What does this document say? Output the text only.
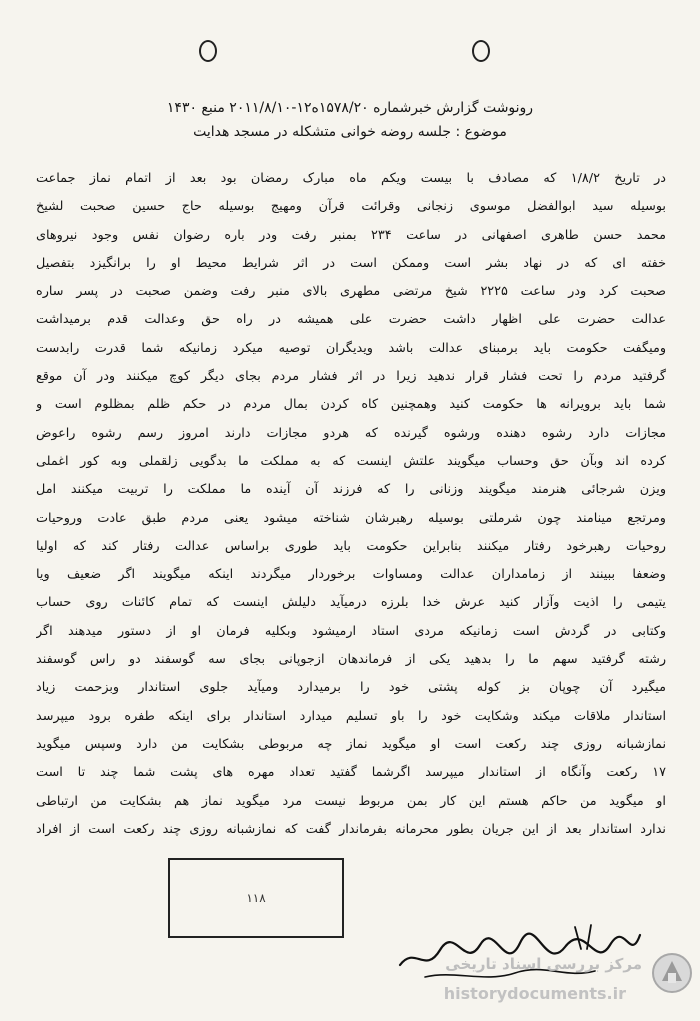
رونوشت گزارش خبرشماره ۱۵۷۸/۲۰ه۱۲-۲۰۱۱/۸/۱۰ منبع ۱۴۳۰
موضوع : جلسه روضه خوانی متشکله در مسجد هدایت
در تاریخ ۱/۸/۲ که مصادف با بیست ویکم ماه مبارک رمضان بود بعد از اتمام نماز جماعت
بوسیله سید ابوالفضل موسوی زنجانی وقرائت قرآن ومهیج بوسیله حاج حسین صحبت لشیخ
محمد حسن طاهری اصفهانی در ساعت ۲۳۴ بمنبر رفت ودر باره رضوان نفس وجود نیروهای
خفته ای که در نهاد بشر است وممکن است در اثر شرایط محیط او را برانگیزد بتفصیل
صحبت کرد ودر ساعت ۲۲۲۵ شیخ مرتضی مطهری بالای منبر رفت وضمن صحبت در پسر ساره
عدالت حضرت علی اظهار داشت حضرت علی همیشه در راه حق وعدالت قدم برمیداشت
ومیگفت حکومت باید برمبنای عدالت باشد ویدیگران توصیه میکرد زمانیکه شما قدرت رابدست
گرفتید مردم را تحت فشار قرار ندهید زیرا در اثر فشار مردم بجای دیگر کوچ میکنند ودر آن موقع
شما باید برویرانه ها حکومت کنید وهمچنین کاه کردن بمال مردم در حکم ظلم بمظلوم است و
مجازات دارد رشوه دهنده ورشوه گیرنده که هردو مجازات دارند امروز رسم رشوه راعوض
کرده اند وبآن حق وحساب میگویند علتش اینست که به مملکت ما بدگویی زلقملی وبه کور اغملی
ویزن شرجائی هنرمند میگویند وزنانی را که فرزند آن آینده ما مملکت را تربیت میکنند امل
ومرتجع مینامند چون شرملتی بوسیله رهبرشان شناخته میشود یعنی مردم طبق عادت وروحیات
روحیات رهبرخود رفتار میکنند بنابراین حکومت باید طوری براساس عدالت رفتار کند که اولیا
وضعفا ببینند از زمامداران عدالت ومساوات برخوردار میگردند اینکه میگویند اگر ضعیف ویا
یتیمی را اذیت وآزار کنید عرش خدا بلرزه درمیآید دلیلش اینست که تمام کائنات روی حساب
وکتابی در گردش است زمانیکه مردی استاد ارمیشود وبکلیه فرمان او از دستور میدهند اگر
رشته گرفتید سهم ما را بدهید یکی از فرماندهان ازجوپانی بجای سه گوسفند دو راس گوسفند
میگیرد آن چوپان بز کوله پشتی خود را برمیدارد ومیآید جلوی استاندار وبزحمت زیاد
استاندار ملاقات میکند وشکایت خود را باو تسلیم میدارد استاندار برای اینکه طفره برود میپرسد
نمازشبانه روزی چند رکعت است او میگوید نماز چه مربوطی بشکایت من دارد وسپس میگوید
۱۷ رکعت وآنگاه از استاندار میپرسد اگرشما گفتید تعداد مهره های پشت شما چند تا است
او میگوید من حاکم هستم این کار بمن مربوط نیست مرد میگوید نماز هم بشکایت من ارتباطی
ندارد استاندار بعد از این جریان بطور محرمانه بفرماندار گفت که نمازشبانه روزی چند رکعت است از افراد
۱۱۸
مرکز بررسی اسناد تاریخی
historydocuments.ir
